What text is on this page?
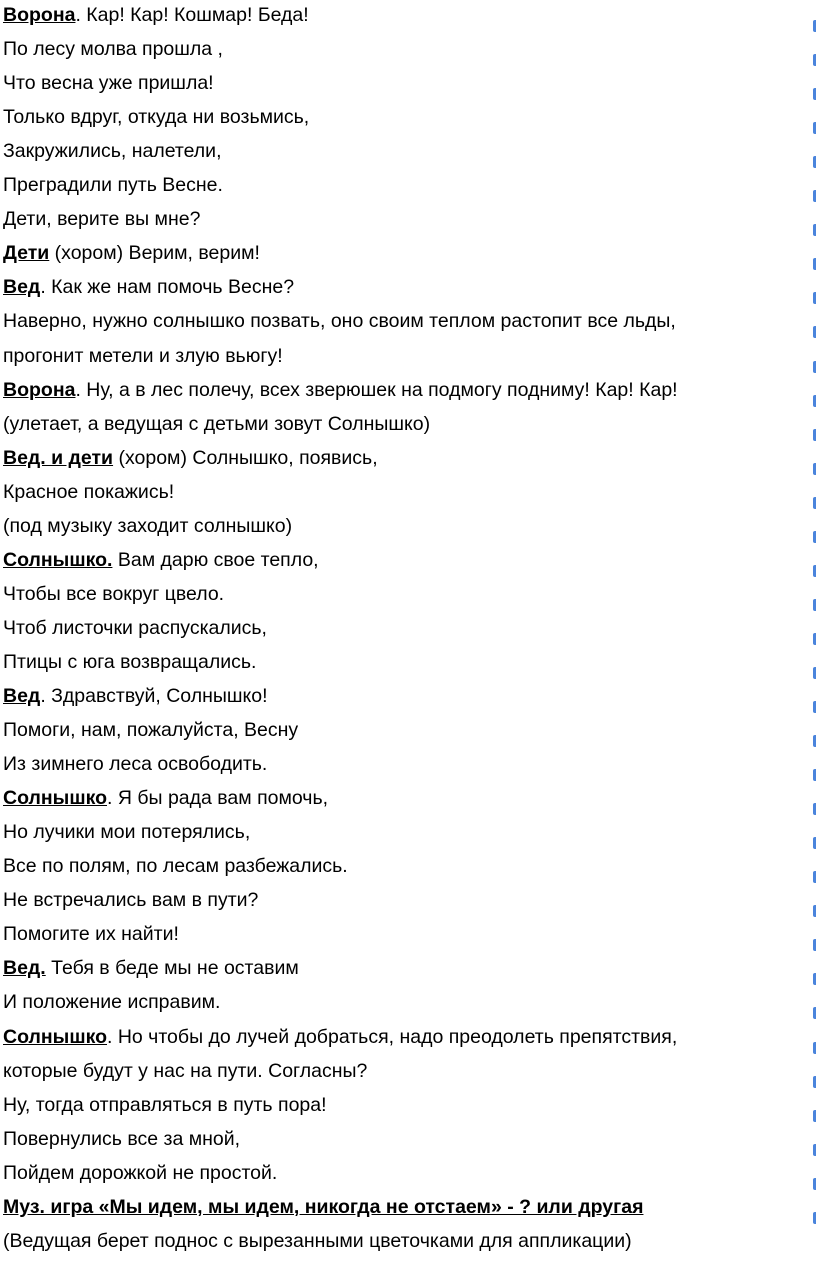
Ворона. Кар! Кар! Кошмар! Беда!
По лесу молва прошла ,
Что весна уже пришла!
Только вдруг, откуда ни возьмись,
Закружились, налетели,
Преградили путь Весне.
Дети, верите вы мне?
Дети (хором) Верим, верим!
Вед. Как же нам помочь Весне?
Наверно, нужно солнышко позвать, оно своим теплом растопит все льды,
прогонит метели и злую вьюгу!
Ворона. Ну, а в лес полечу, всех зверюшек на подмогу подниму! Кар! Кар!
(улетает, а ведущая с детьми зовут Солнышко)
Вед. и дети (хором) Солнышко, появись,
Красное покажись!
(под музыку заходит солнышко)
Солнышко. Вам дарю свое тепло,
Чтобы все вокруг цвело.
Чтоб листочки распускались,
Птицы с юга возвращались.
Вед. Здравствуй, Солнышко!
Помоги, нам, пожалуйста, Весну
Из зимнего леса освободить.
Солнышко. Я бы рада вам помочь,
Но лучики мои потерялись,
Все по полям, по лесам разбежались.
Не встречались вам в пути?
Помогите их найти!
Вед. Тебя в беде мы не оставим
И положение исправим.
Солнышко. Но чтобы до лучей добраться, надо преодолеть препятствия,
которые будут у нас на пути. Согласны?
Ну, тогда отправляться в путь пора!
Повернулись все за мной,
Пойдем дорожкой не простой.
Муз. игра «Мы идем, мы идем, никогда не отстаем» - ? или другая
(Ведущая берет поднос с вырезанными цветочками для аппликации)
